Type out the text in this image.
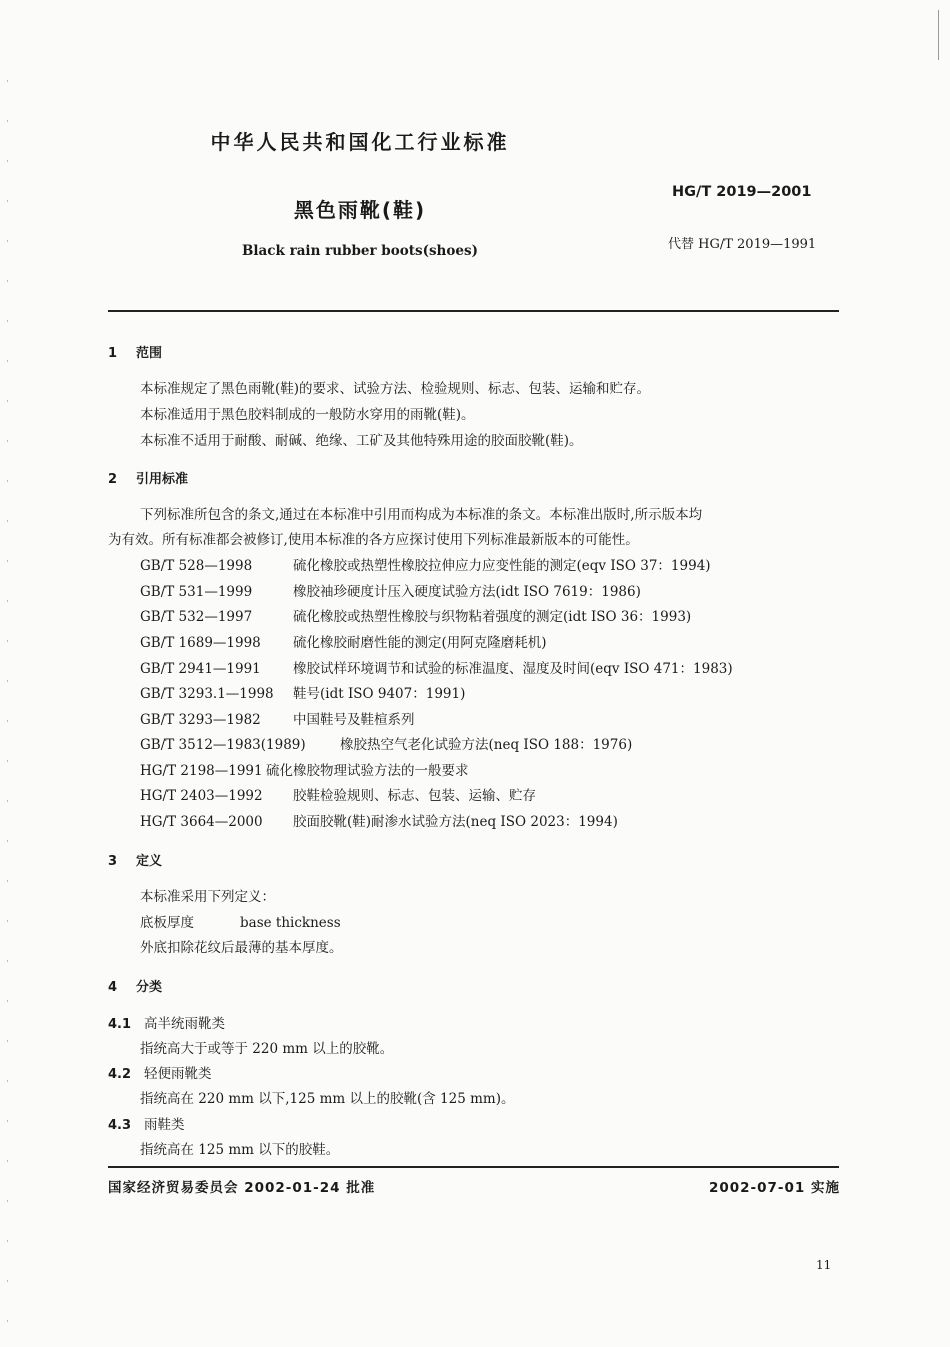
中华人民共和国化工行业标准
黑色雨靴(鞋)
Black rain rubber boots(shoes)
HG/T 2019—2001
代替 HG/T 2019—1991
1 范围
本标准规定了黑色雨靴(鞋)的要求、试验方法、检验规则、标志、包装、运输和贮存。
本标准适用于黑色胶料制成的一般防水穿用的雨靴(鞋)。
本标准不适用于耐酸、耐碱、绝缘、工矿及其他特殊用途的胶面胶靴(鞋)。
2 引用标准
下列标准所包含的条文,通过在本标准中引用而构成为本标准的条文。本标准出版时,所示版本均
为有效。所有标准都会被修订,使用本标准的各方应探讨使用下列标准最新版本的可能性。
GB/T 528—1998	硫化橡胶或热塑性橡胶拉伸应力应变性能的测定(eqv ISO 37：1994)
GB/T 531—1999	橡胶袖珍硬度计压入硬度试验方法(idt ISO 7619：1986)
GB/T 532—1997	硫化橡胶或热塑性橡胶与织物粘着强度的测定(idt ISO 36：1993)
GB/T 1689—1998 硫化橡胶耐磨性能的测定(用阿克隆磨耗机)
GB/T 2941—1991 橡胶试样环境调节和试验的标准温度、湿度及时间(eqv ISO 471：1983)
GB/T 3293.1—1998 鞋号(idt ISO 9407：1991)
GB/T 3293—1982 中国鞋号及鞋楦系列
GB/T 3512—1983(1989)	橡胶热空气老化试验方法(neq ISO 188：1976)
HG/T 2198—1991 硫化橡胶物理试验方法的一般要求
HG/T 2403—1992 胶鞋检验规则、标志、包装、运输、贮存
HG/T 3664—2000 胶面胶靴(鞋)耐渗水试验方法(neq ISO 2023：1994)
3 定义
本标准采用下列定义：
底板厚度	base thickness
外底扣除花纹后最薄的基本厚度。
4 分类
4.1 高半统雨靴类
指统高大于或等于 220 mm 以上的胶靴。
4.2 轻便雨靴类
指统高在 220 mm 以下,125 mm 以上的胶靴(含 125 mm)。
4.3 雨鞋类
指统高在 125 mm 以下的胶鞋。
国家经济贸易委员会 2002-01-24 批准	2002-07-01 实施
11
